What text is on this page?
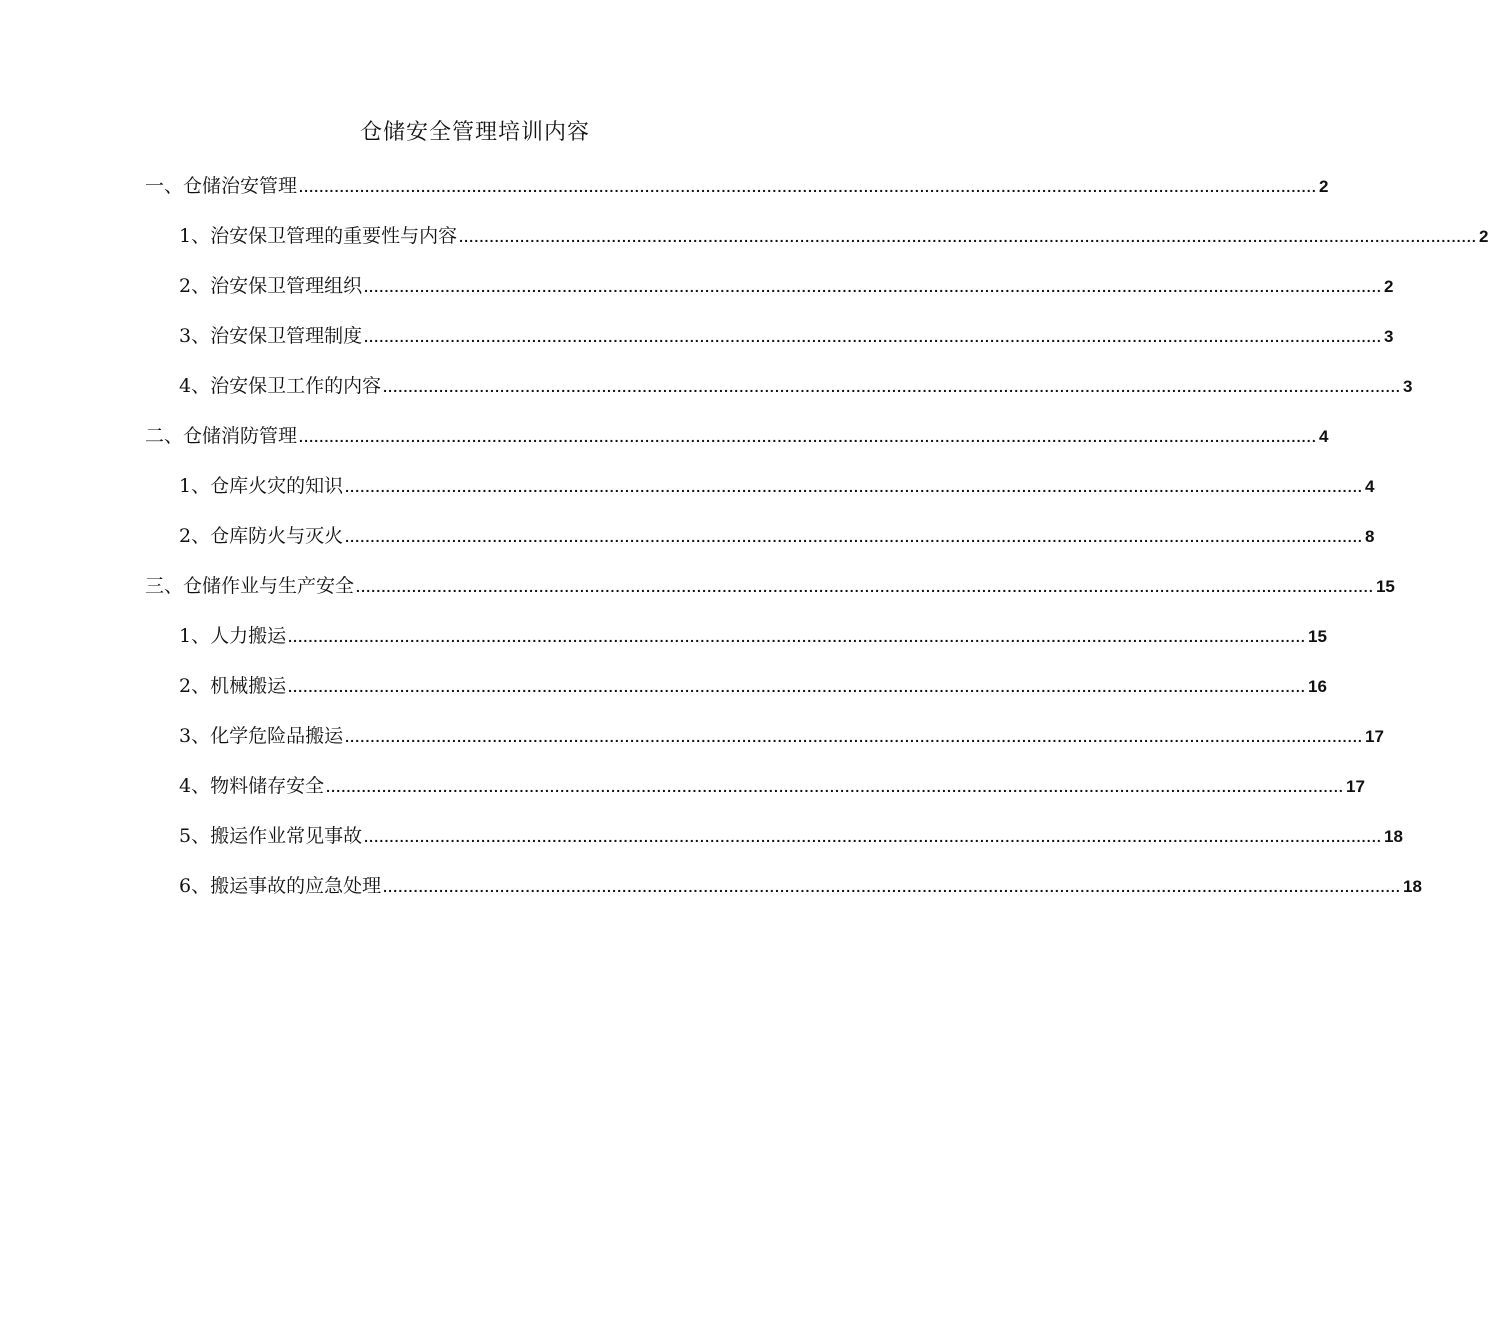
仓储安全管理培训内容
一、仓储治安管理 ........................................................................................................................................................................................................ 2
1、治安保卫管理的重要性与内容 ........................................................................................................................................................................................................ 2
2、治安保卫管理组织 ........................................................................................................................................................................................................ 2
3、治安保卫管理制度 ........................................................................................................................................................................................................ 3
4、治安保卫工作的内容 ........................................................................................................................................................................................................ 3
二、仓储消防管理 ........................................................................................................................................................................................................ 4
1、仓库火灾的知识 ........................................................................................................................................................................................................ 4
2、仓库防火与灭火 ........................................................................................................................................................................................................ 8
三、仓储作业与生产安全 ........................................................................................................................................................................................................ 15
1、人力搬运 ........................................................................................................................................................................................................ 15
2、机械搬运 ........................................................................................................................................................................................................ 16
3、化学危险品搬运 ........................................................................................................................................................................................................ 17
4、物料储存安全 ........................................................................................................................................................................................................ 17
5、搬运作业常见事故 ........................................................................................................................................................................................................ 18
6、搬运事故的应急处理 ........................................................................................................................................................................................................ 18
